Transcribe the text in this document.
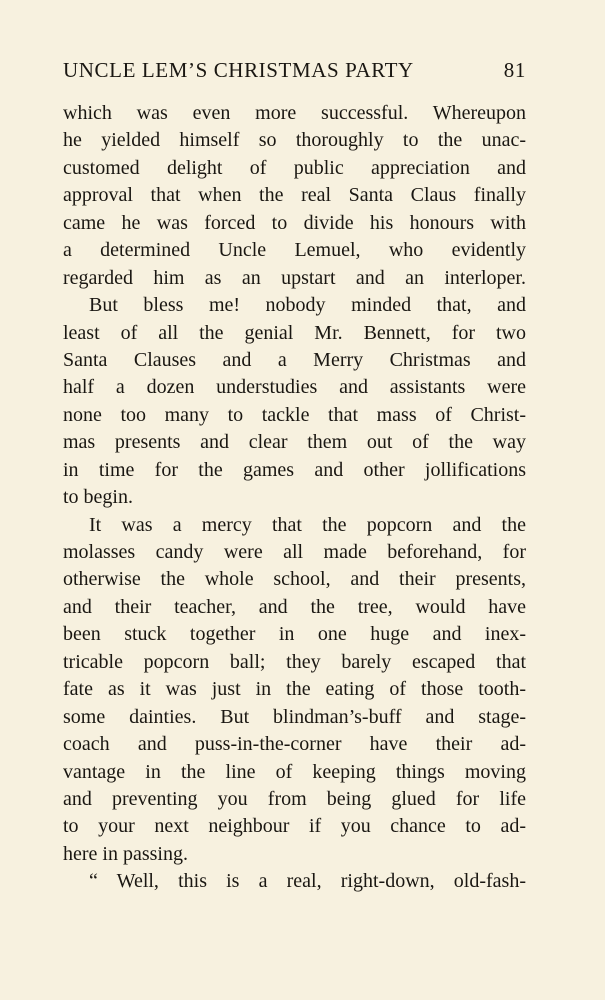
UNCLE LEM’S CHRISTMAS PARTY	81
which was even more successful. Whereupon
he yielded himself so thoroughly to the unac-
customed delight of public appreciation and
approval that when the real Santa Claus finally
came he was forced to divide his honours with
a determined Uncle Lemuel, who evidently
regarded him as an upstart and an interloper.
But bless me! nobody minded that, and
least of all the genial Mr. Bennett, for two
Santa Clauses and a Merry Christmas and
half a dozen understudies and assistants were
none too many to tackle that mass of Christ-
mas presents and clear them out of the way
in time for the games and other jollifications
to begin.
It was a mercy that the popcorn and the
molasses candy were all made beforehand, for
otherwise the whole school, and their presents,
and their teacher, and the tree, would have
been stuck together in one huge and inex-
tricable popcorn ball; they barely escaped that
fate as it was just in the eating of those tooth-
some dainties. But blindman’s-buff and stage-
coach and puss-in-the-corner have their ad-
vantage in the line of keeping things moving
and preventing you from being glued for life
to your next neighbour if you chance to ad-
here in passing.
“ Well, this is a real, right-down, old-fash-
